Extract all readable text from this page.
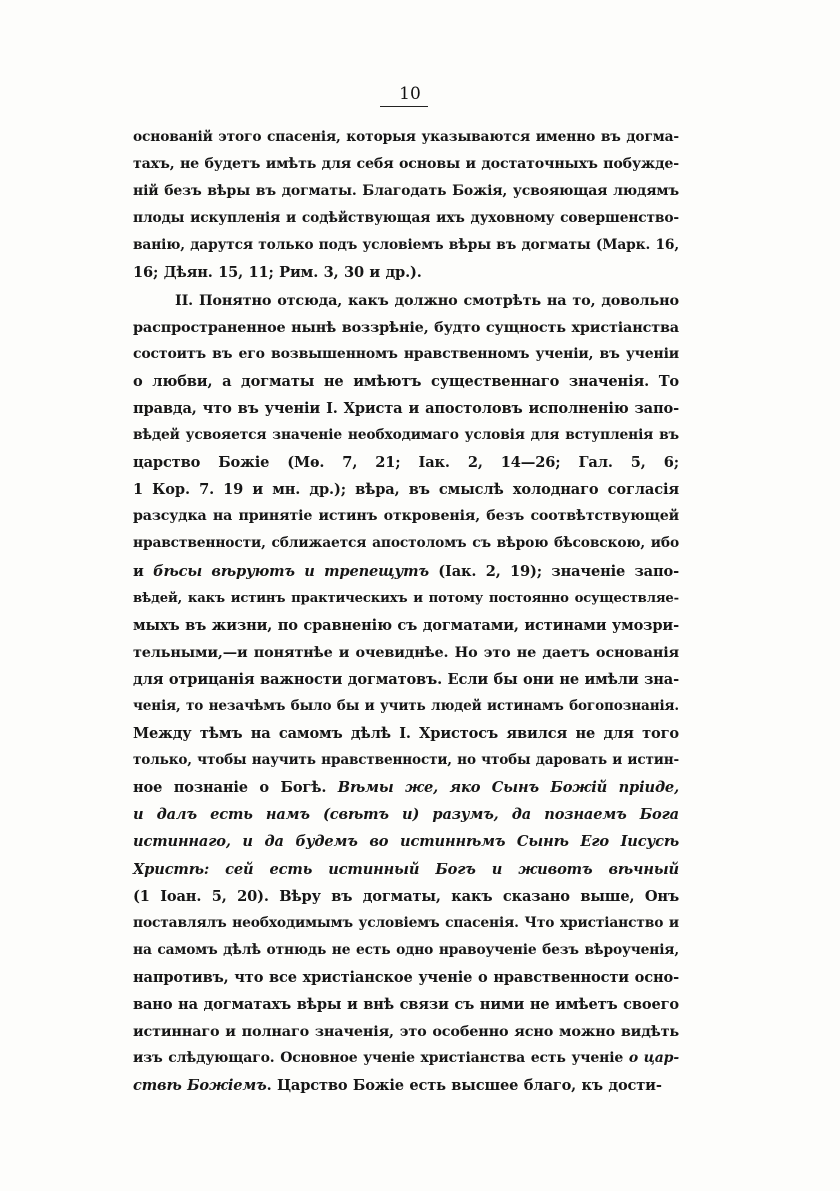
10
основаній этого спасенія, которыя указываются именно въ догма-
тахъ, не будетъ имѣть для себя основы и достаточныхъ побужде-
ній безъ вѣры въ догматы. Благодать Божія, усвояющая людямъ
плоды искупленія и содѣйствующая ихъ духовному совершенство-
ванію, дарутся только подъ условіемъ вѣры въ догматы (Марк. 16,
16; Дѣян. 15, 11; Рим. 3, 30 и др.).
II. Понятно отсюда, какъ должно смотрѣть на то, довольно
распространенное нынѣ воззрѣніе, будто сущность христіанства
состоитъ въ его возвышенномъ нравственномъ ученіи, въ ученіи
о любви, а догматы не имѣютъ существеннаго значенія. То
правда, что въ ученіи І. Христа и апостоловъ исполненію запо-
вѣдей усвояется значеніе необходимаго условія для вступленія въ
царство Божіе (Мѳ. 7, 21; Іак. 2, 14—26; Гал. 5, 6;
1 Кор. 7. 19 и мн. др.); вѣра, въ смыслѣ холоднаго согласія
разсудка на принятіе истинъ откровенія, безъ соотвѣтствующей
нравственности, сближается апостоломъ съ вѣрою бѣсовскою, ибо
и бѣсы вѣруютъ и трепещутъ (Іак. 2, 19); значеніе запо-
вѣдей, какъ истинъ практическихъ и потому постоянно осуществляе-
мыхъ въ жизни, по сравненію съ догматами, истинами умозри-
тельными,—и понятнѣе и очевиднѣе. Но это не даетъ основанія
для отрицанія важности догматовъ. Если бы они не имѣли зна-
ченія, то незачѣмъ было бы и учить людей истинамъ богопознанія.
Между тѣмъ на самомъ дѣлѣ І. Христосъ явился не для того
только, чтобы научить нравственности, но чтобы даровать и истин-
ное познаніе о Богѣ. Вѣмы же, яко Сынъ Божій пріиде,
и далъ есть намъ (свѣтъ и) разумъ, да познаемъ Бога
истиннаго, и да будемъ во истиннѣмъ Сынѣ Его Іисусѣ
Христѣ: сей есть истинный Богъ и животъ вѣчный
(1 Іоан. 5, 20). Вѣру въ догматы, какъ сказано выше, Онъ
поставлялъ необходимымъ условіемъ спасенія. Что христіанство и
на самомъ дѣлѣ отнюдь не есть одно нравоученіе безъ вѣроученія,
напротивъ, что все христіанское ученіе о нравственности осно-
вано на догматахъ вѣры и внѣ связи съ ними не имѣетъ своего
истиннаго и полнаго значенія, это особенно ясно можно видѣть
изъ слѣдующаго. Основное ученіе христіанства есть ученіе о цар-
ствѣ Божіемъ. Царство Божіе есть высшее благо, къ дости-
